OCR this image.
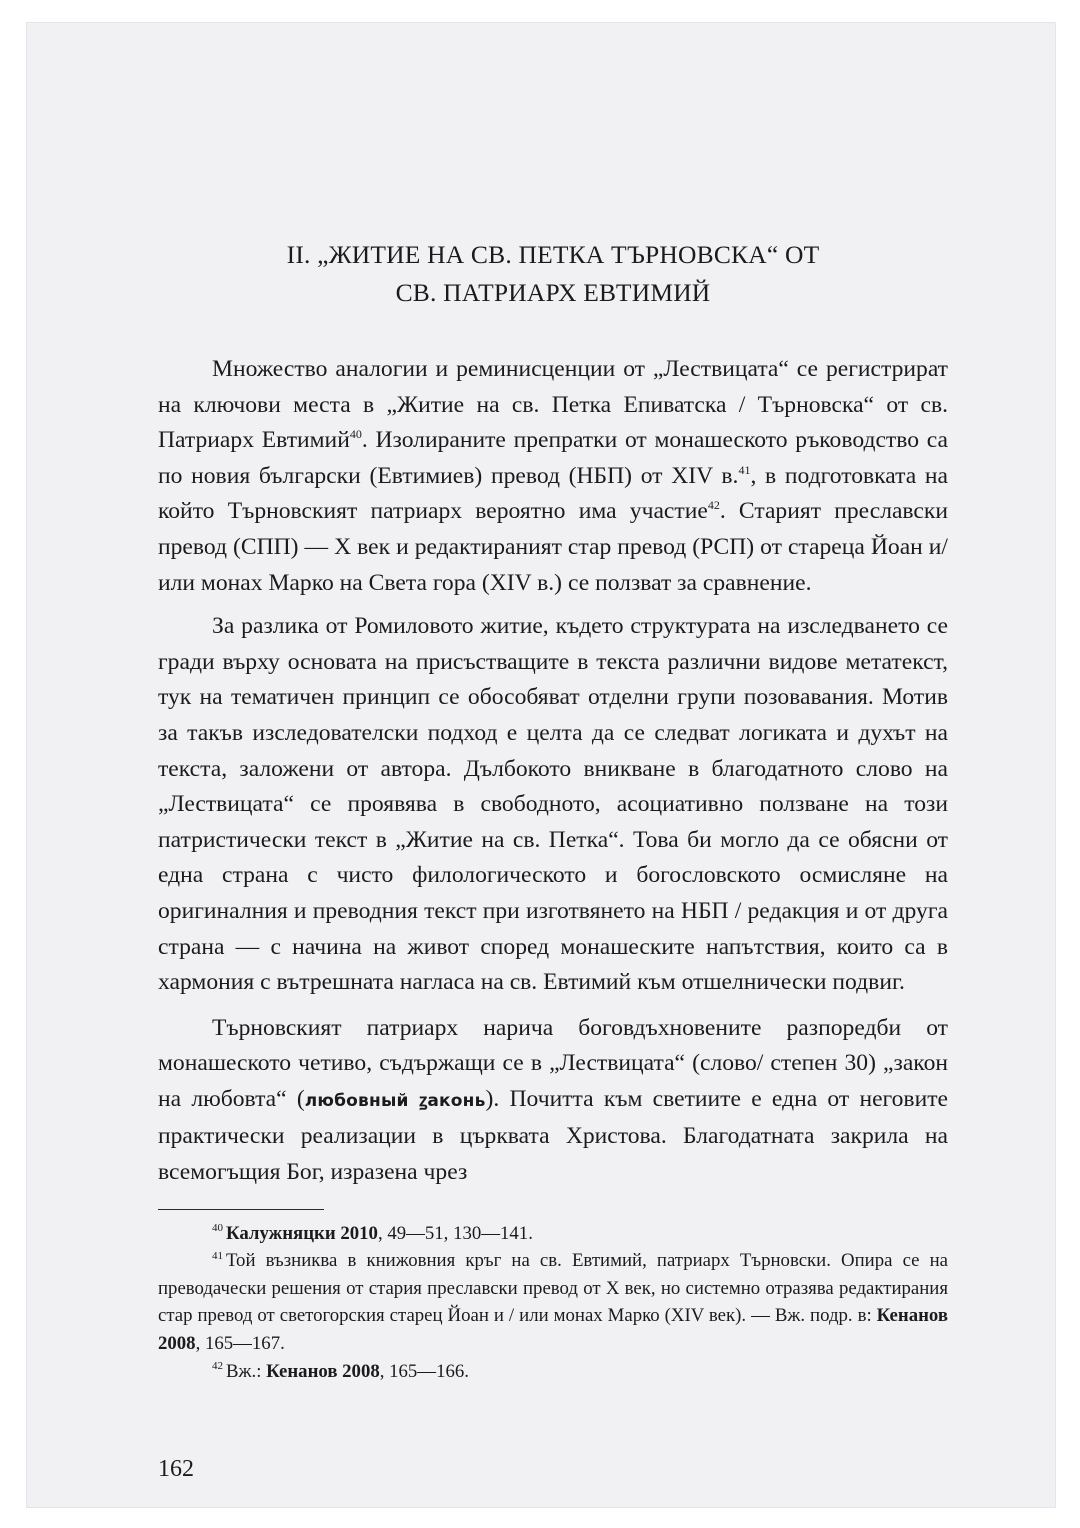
II. „ЖИТИЕ НА СВ. ПЕТКА ТЪРНОВСКА“ ОТ
СВ. ПАТРИАРХ ЕВТИМИЙ

Множество аналогии и реминисценции от „Лествицата“ се регистрират на ключови места в „Житие на св. Петка Епиватска / Търновска“ от св. Патриарх Евтимий$^{40}$. Изолираните препратки от монашеското ръководство са по новия български (Евтимиев) превод (НБП) от XIV в.$^{41}$, в подготовката на който Търновският патриарх вероятно има участие$^{42}$. Старият преславски превод (СПП) — X век и редактираният стар превод (РСП) от стареца Йоан и/или монах Марко на Света гора (XIV в.) се ползват за сравнение.

За разлика от Ромиловото житие, където структурата на изследването се гради върху основата на присъстващите в текста различни видове метатекст, тук на тематичен принцип се обособяват отделни групи позовавания. Мотив за такъв изследователски подход е целта да се следват логиката и духът на текста, заложени от автора. Дълбокото вникване в благодатното слово на „Лествицата“ се проявява в свободното, асоциативно ползване на този патристически текст в „Житие на св. Петка“. Това би могло да се обясни от една страна с чисто филологическото и богословското осмисляне на оригиналния и преводния текст при изготвянето на НБП / редакция и от друга страна — с начина на живот според монашеските напътствия, които са в хармония с вътрешната нагласа на св. Евтимий към отшелнически подвиг.

Търновският патриарх нарича боговдъхновените разпоредби от монашеското четиво, съдържащи се в „Лествицата“ (слово/ степен 30) „закон на любовта“ (любовный ꙁаконь). Почитта към светиите е една от неговите практически реализации в църквата Христова. Благодатната закрила на всемогъщия Бог, изразена чрез

$^{40}$ Калужняцки 2010, 49—51, 130—141.

$^{41}$ Той възниква в книжовния кръг на св. Евтимий, патриарх Търновски. Опира се на преводачески решения от стария преславски превод от X век, но системно отразява редактирания стар превод от светогорския старец Йоан и / или монах Марко (XIV век). — Вж. подр. в: Кенанов 2008, 165—167.

$^{42}$ Вж.: Кенанов 2008, 165—166.

162
